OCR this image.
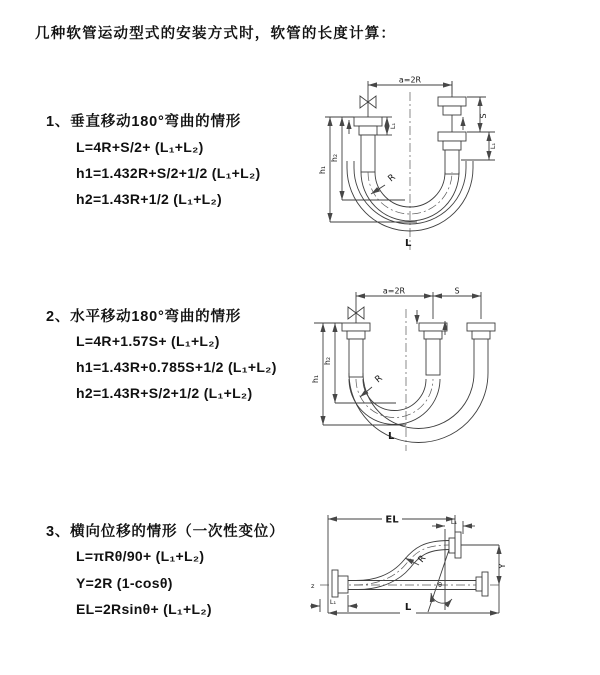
几种软管运动型式的安装方式时，软管的长度计算：
1、垂直移动180°弯曲的情形
L=4R+S/2+ (L₁+L₂)
h1=1.432R+S/2+1/2 (L₁+L₂)
h2=1.43R+1/2 (L₁+L₂)
2、水平移动180°弯曲的情形
L=4R+1.57S+ (L₁+L₂)
h1=1.43R+0.785S+1/2 (L₁+L₂)
h2=1.43R+S/2+1/2 (L₁+L₂)
3、横向位移的情形（一次性变位）
L=πRθ/90+ (L₁+L₂)
Y=2R (1-cosθ)
EL=2Rsinθ+ (L₁+L₂)
a=2R
S
L₁
L₁
h₂
h₁
R
L
a=2R	S
h₂
h₁	R
L
EL	L₁
Y
R
θ
L
L₁
z
